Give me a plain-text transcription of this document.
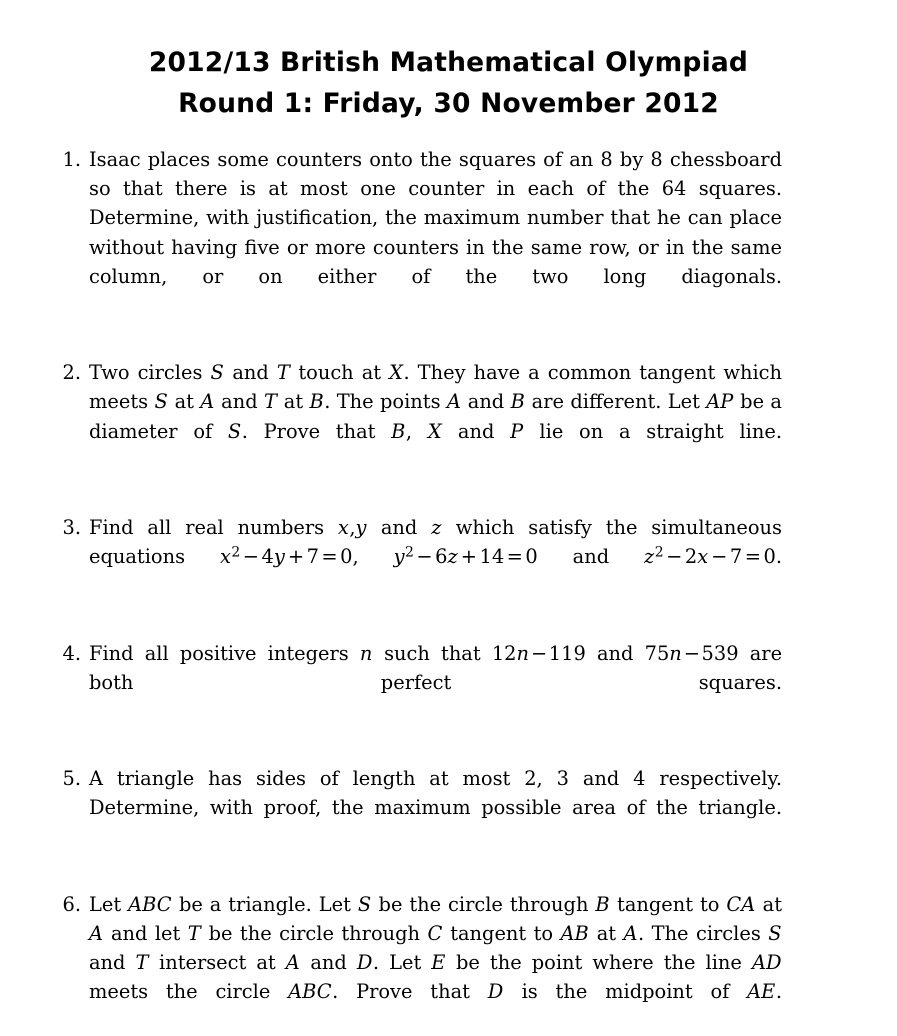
2012/13 British Mathematical Olympiad
Round 1: Friday, 30 November 2012
1. Isaac places some counters onto the squares of an 8 by 8 chessboard so that there is at most one counter in each of the 64 squares. Determine, with justification, the maximum number that he can place without having five or more counters in the same row, or in the same column, or on either of the two long diagonals.
2. Two circles S and T touch at X. They have a common tangent which meets S at A and T at B. The points A and B are different. Let AP be a diameter of S. Prove that B, X and P lie on a straight line.
3. Find all real numbers x,y and z which satisfy the simultaneous equations $x^2 - 4y + 7 = 0$, $y^2 - 6z + 14 = 0$ and $z^2 - 2x - 7 = 0$.
4. Find all positive integers n such that 12n −119 and 75n −539 are both perfect squares.
5. A triangle has sides of length at most 2, 3 and 4 respectively. Determine, with proof, the maximum possible area of the triangle.
6. Let ABC be a triangle. Let S be the circle through B tangent to CA at A and let T be the circle through C tangent to AB at A. The circles S and T intersect at A and D. Let E be the point where the line AD meets the circle ABC. Prove that D is the midpoint of AE.
